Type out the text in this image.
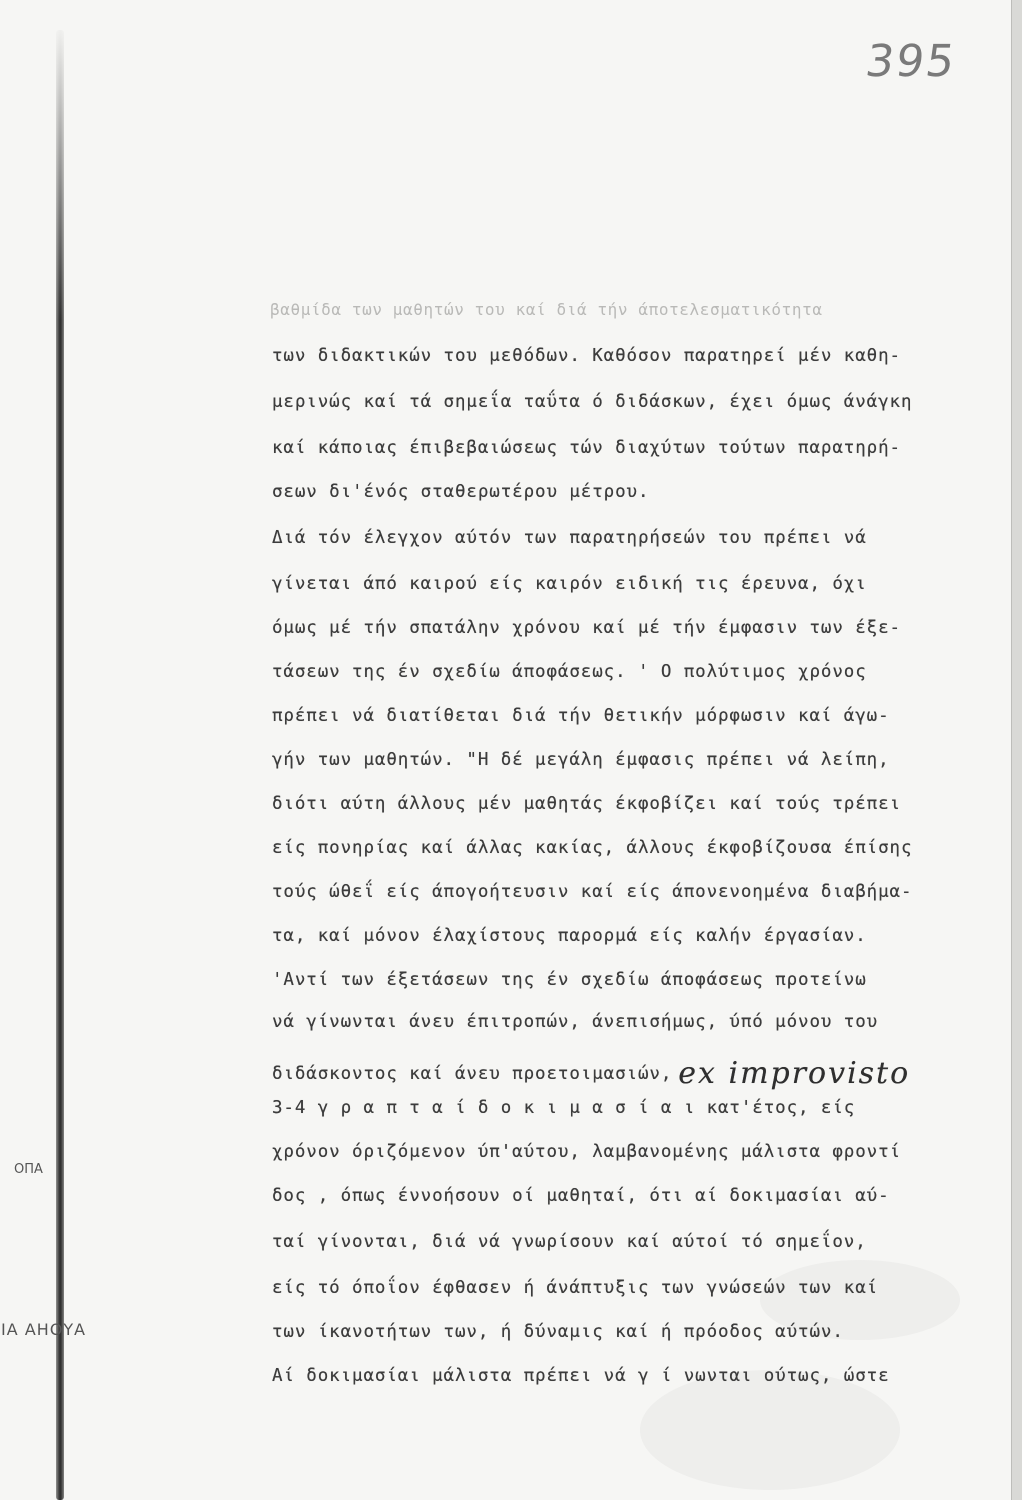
395
βαθμίδα των μαθητών του καί διά τήν άποτελεσματικότητα
των διδακτικών του μεθόδων. Καθόσον παρατηρεί μέν καθη-
μερινώς καί τά σημεΐα ταΰτα ό διδάσκων, έχει όμως άνάγκη
καί κάποιας έπιβεβαιώσεως τών διαχύτων τούτων παρατηρή-
σεων δι'ένός σταθερωτέρου μέτρου.
Διά τόν έλεγχον αύτόν των παρατηρήσεών του πρέπει νά
γίνεται άπό καιρού είς καιρόν ειδική τις έρευνα, όχι
όμως μέ τήν σπατάλην χρόνου καί μέ τήν έμφασιν των έξε-
τάσεων της έν σχεδίω άποφάσεως. ' Ο πολύτιμος χρόνος
πρέπει νά διατίθεται διά τήν θετικήν μόρφωσιν καί άγω-
γήν των μαθητών. "Η δέ μεγάλη έμφασις πρέπει νά λείπη,
διότι αύτη άλλους μέν μαθητάς έκφοβίζει καί τούς τρέπει
είς πονηρίας καί άλλας κακίας, άλλους έκφοβίζουσα έπίσης
τούς ώθεΐ είς άπογοήτευσιν καί είς άπονενοημένα διαβήμα-
τα, καί μόνον έλαχίστους παρορμά είς καλήν έργασίαν.
'Αντί των έξετάσεων της έν σχεδίω άποφάσεως προτείνω
νά γίνωνται άνευ έπιτροπών, άνεπισήμως, ύπό μόνου του
διδάσκοντος καί άνευ προετοιμασιών, ex improvisto
3-4 γ ρ α π τ α ί δ ο κ ι μ α σ ί α ι κατ'έτος, είς
χρόνον όριζόμενον ύπ'αύτου, λαμβανομένης μάλιστα φροντί
δος , όπως έννοήσουν οί μαθηταί, ότι αί δοκιμασίαι αύ-
ταί γίνονται, διά νά γνωρίσουν καί αύτοί τό σημεΐον,
είς τό όποΐον έφθασεν ή άνάπτυξις των γνώσεών των καί
των ίκανοτήτων των, ή δύναμις καί ή πρόοδος αύτών.
Αί δοκιμασίαι μάλιστα πρέπει νά γ ί νωνται ούτως, ώστε
ΑΠΟ
ΑΥΟΗΑ ΑΙ
